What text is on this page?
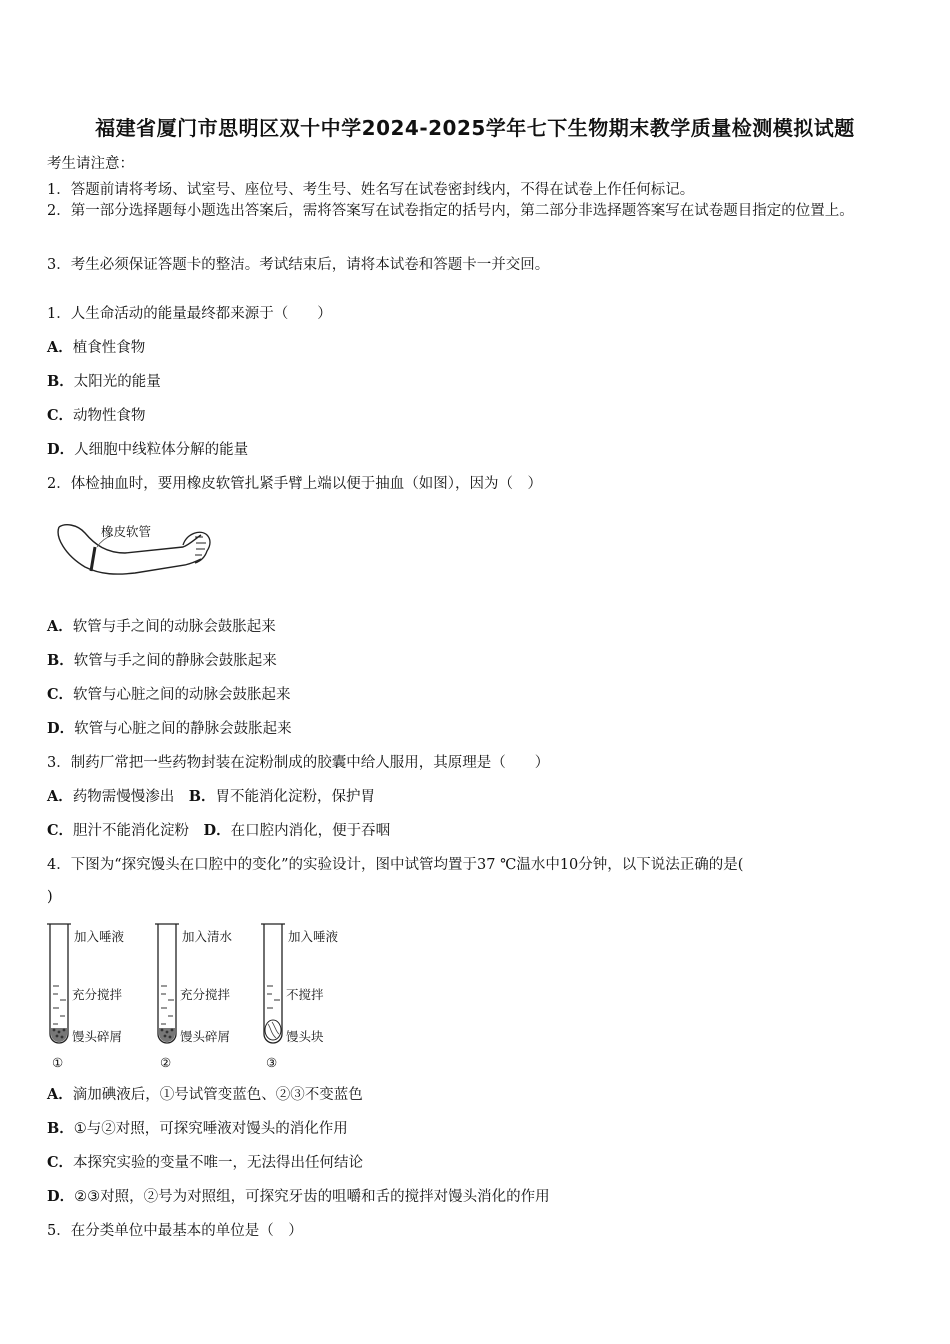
福建省厦门市思明区双十中学2024-2025学年七下生物期末教学质量检测模拟试题
考生请注意：
1．答题前请将考场、试室号、座位号、考生号、姓名写在试卷密封线内，不得在试卷上作任何标记。
2．第一部分选择题每小题选出答案后，需将答案写在试卷指定的括号内，第二部分非选择题答案写在试卷题目指定的位置上。
3．考生必须保证答题卡的整洁。考试结束后，请将本试卷和答题卡一并交回。
1．人生命活动的能量最终都来源于（　　）
A．植食性食物
B．太阳光的能量
C．动物性食物
D．人细胞中线粒体分解的能量
2．体检抽血时，要用橡皮软管扎紧手臂上端以便于抽血（如图），因为（　）
橡皮软管
A．软管与手之间的动脉会鼓胀起来
B．软管与手之间的静脉会鼓胀起来
C．软管与心脏之间的动脉会鼓胀起来
D．软管与心脏之间的静脉会鼓胀起来
3．制药厂常把一些药物封装在淀粉制成的胶囊中给人服用，其原理是（　　）
A．药物需慢慢渗出　 B．胃不能消化淀粉，保护胃
C．胆汁不能消化淀粉　 D．在口腔内消化，便于吞咽
4．下图为“探究馒头在口腔中的变化”的实验设计，图中试管均置于37 ℃温水中10分钟，以下说法正确的是(
)
加入唾液
充分搅拌
馒头碎屑
①
加入清水
充分搅拌
馒头碎屑
②
加入唾液
不搅拌
馒头块
③
A．滴加碘液后，①号试管变蓝色、②③不变蓝色
B．①与②对照，可探究唾液对馒头的消化作用
C．本探究实验的变量不唯一，无法得出任何结论
D．②③对照，②号为对照组，可探究牙齿的咀嚼和舌的搅拌对馒头消化的作用
5．在分类单位中最基本的单位是（　）
